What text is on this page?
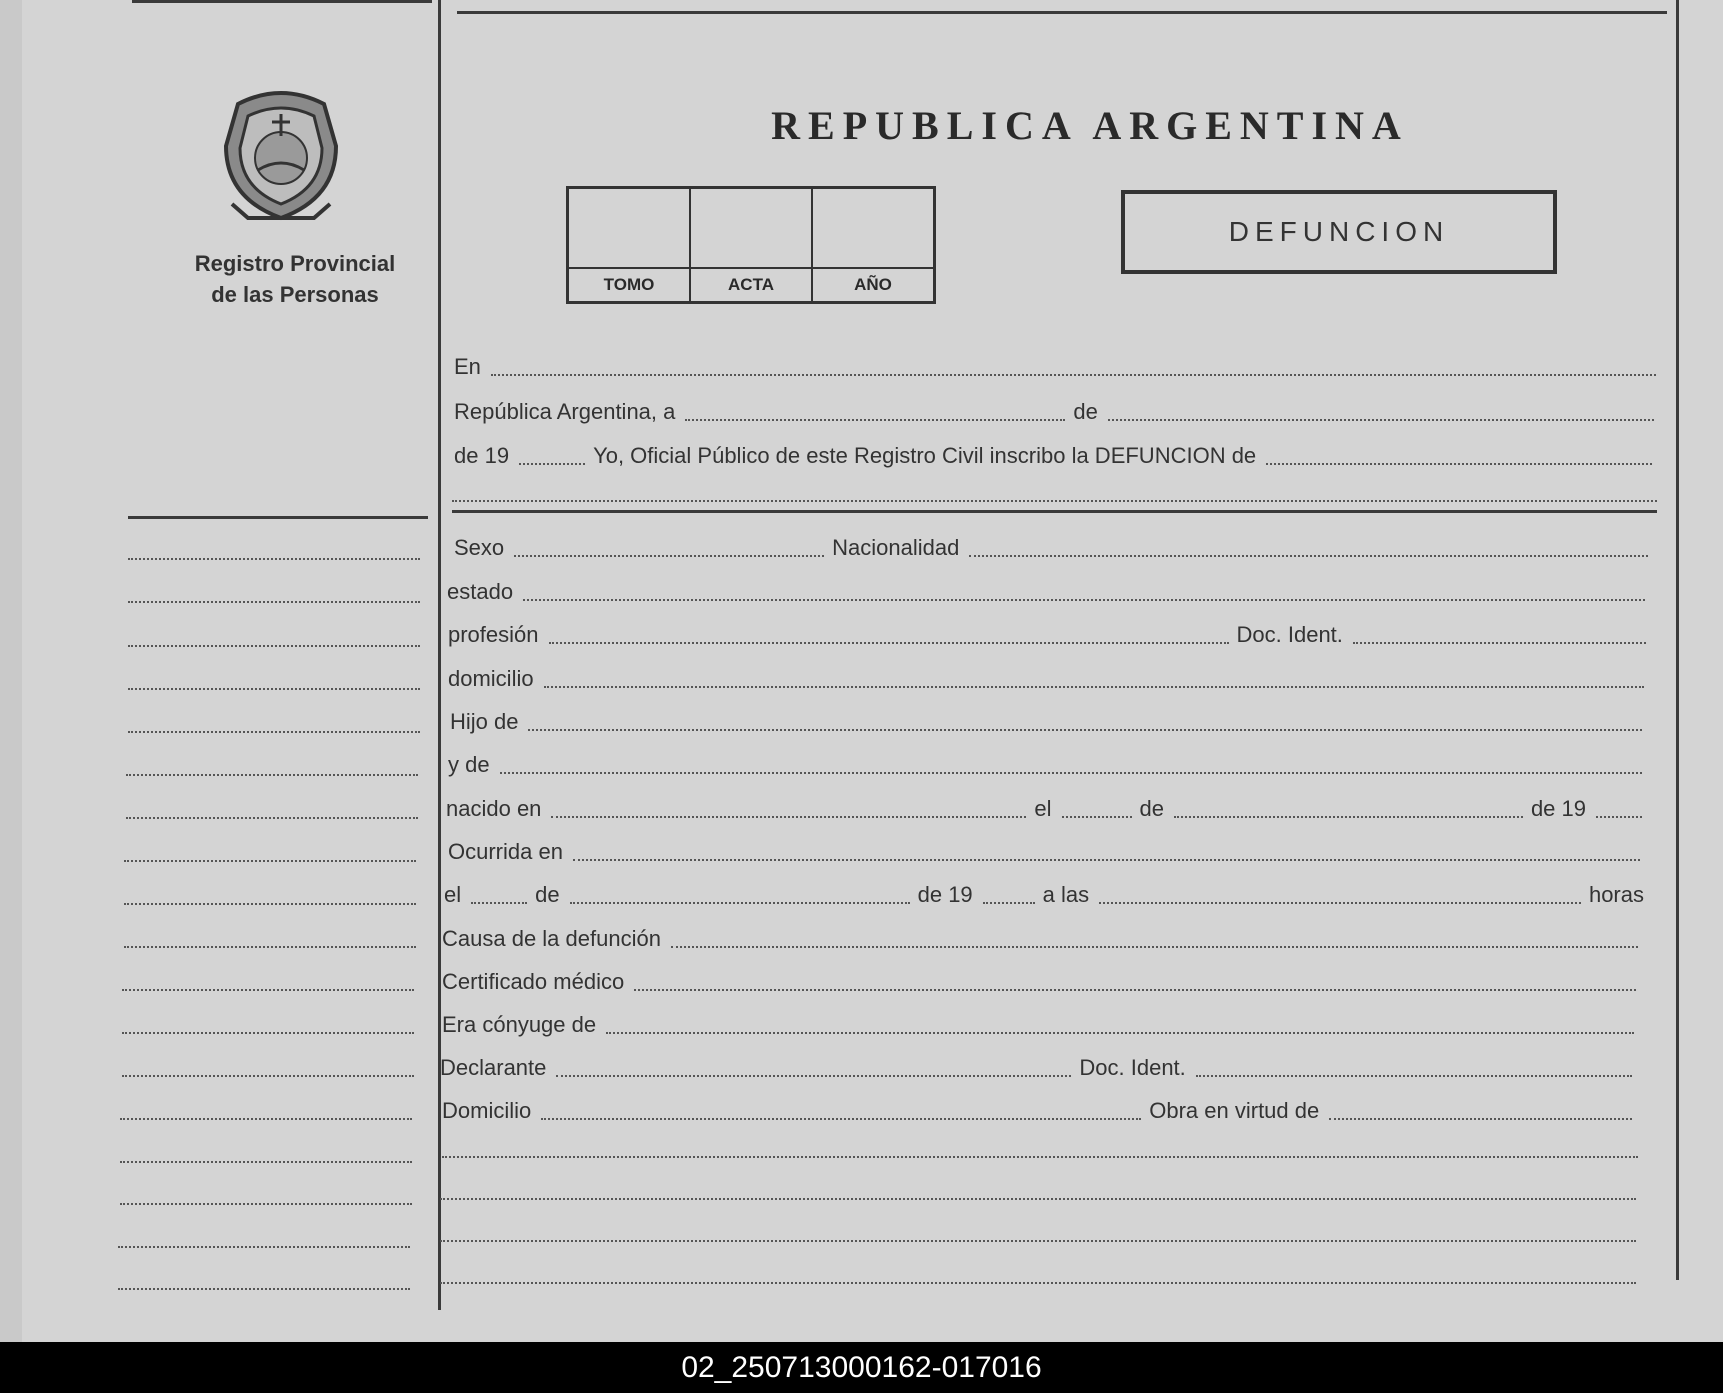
Registro Provincial
de las Personas
REPUBLICA ARGENTINA
TOMO	ACTA	AÑO
DEFUNCION
En
República Argentina, a	de
de 19	Yo, Oficial Público de este Registro Civil inscribo la DEFUNCION de
Sexo	Nacionalidad
estado
profesión	Doc. Ident.
domicilio
Hijo de
y de
nacido en	el	de	de 19
Ocurrida en
el	de	de 19	a las	horas
Causa de la defunción
Certificado médico
Era cónyuge de
Declarante	Doc. Ident.
Domicilio	Obra en virtud de
02_250713000162-017016
